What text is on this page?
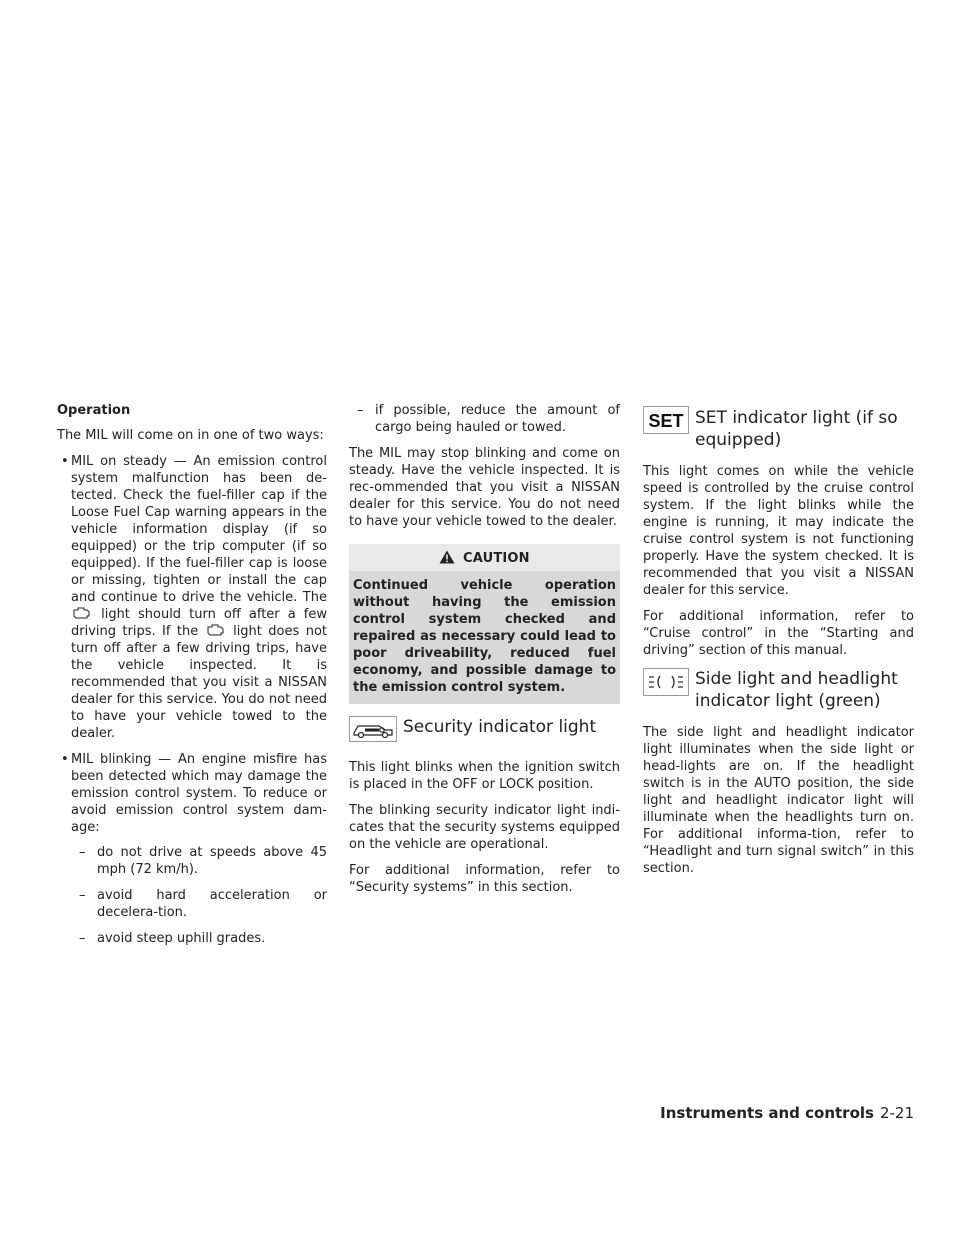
Operation

The MIL will come on in one of two ways:

• MIL on steady — An emission control system malfunction has been de-tected. Check the fuel-filler cap if the Loose Fuel Cap warning appears in the vehicle information display (if so equipped) or the trip computer (if so equipped). If the fuel-filler cap is loose or missing, tighten or install the cap and continue to drive the vehicle. The  light should turn off after a few driving trips. If the	light does not turn off after a few driving trips, have the vehicle inspected. It is recommended that you visit a NISSAN dealer for this service. You do not need to have your vehicle towed to the dealer.
• MIL blinking — An engine misfire has been detected which may damage the emission control system. To reduce or avoid emission control system dam-age:
– do not drive at speeds above 45 mph (72 km/h).
– avoid hard acceleration or decelera-tion.
– avoid steep uphill grades.
– if possible, reduce the amount of cargo being hauled or towed.

The MIL may stop blinking and come on steady. Have the vehicle inspected. It is rec-ommended that you visit a NISSAN dealer for this service. You do not need to have your vehicle towed to the dealer.

CAUTION
Continued vehicle operation without having the emission control system checked and repaired as necessary could lead to poor driveability, reduced fuel economy, and possible damage to the emission control system.
Security indicator light

This light blinks when the ignition switch is placed in the OFF or LOCK position.

The blinking security indicator light indi-cates that the security systems equipped on the vehicle are operational.

For additional information, refer to “Security systems” in this section.

SET SET indicator light (if so equipped)

This light comes on while the vehicle speed is controlled by the cruise control system. If the light blinks while the engine is running, it may indicate the cruise control system is not functioning properly. Have the system checked. It is recommended that you visit a NISSAN dealer for this service.

For additional information, refer to “Cruise control” in the “Starting and driving” section of this manual.

Side light and headlight indicator light (green)

The side light and headlight indicator light illuminates when the side light or head-lights are on. If the headlight switch is in the AUTO position, the side light and headlight indicator light will illuminate when the headlights turn on. For additional informa-tion, refer to “Headlight and turn signal switch” in this section.

Instruments and controls 2-21
